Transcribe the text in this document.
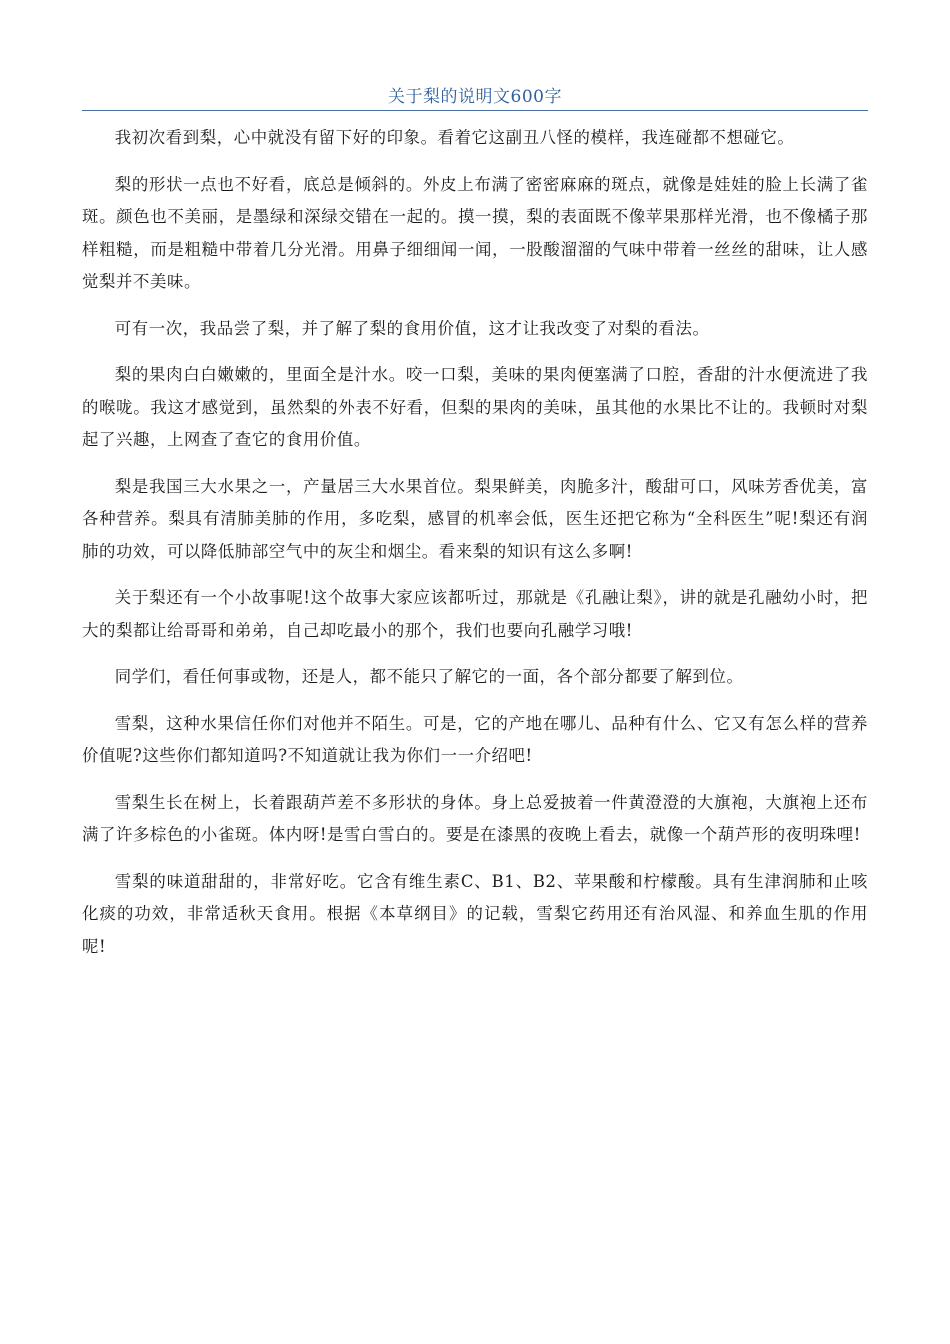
关于梨的说明文600字

我初次看到梨，心中就没有留下好的印象。看着它这副丑八怪的模样，我连碰都不想碰它。

梨的形状一点也不好看，底总是倾斜的。外皮上布满了密密麻麻的斑点，就像是娃娃的脸上长满了雀斑。颜色也不美丽，是墨绿和深绿交错在一起的。摸一摸，梨的表面既不像苹果那样光滑，也不像橘子那样粗糙，而是粗糙中带着几分光滑。用鼻子细细闻一闻，一股酸溜溜的气味中带着一丝丝的甜味，让人感觉梨并不美味。

可有一次，我品尝了梨，并了解了梨的食用价值，这才让我改变了对梨的看法。

梨的果肉白白嫩嫩的，里面全是汁水。咬一口梨，美味的果肉便塞满了口腔，香甜的汁水便流进了我的喉咙。我这才感觉到，虽然梨的外表不好看，但梨的果肉的美味，虽其他的水果比不让的。我顿时对梨起了兴趣，上网查了查它的食用价值。

梨是我国三大水果之一，产量居三大水果首位。梨果鲜美，肉脆多汁，酸甜可口，风味芳香优美，富各种营养。梨具有清肺美肺的作用，多吃梨，感冒的机率会低，医生还把它称为“全科医生”呢!梨还有润肺的功效，可以降低肺部空气中的灰尘和烟尘。看来梨的知识有这么多啊!

关于梨还有一个小故事呢!这个故事大家应该都听过，那就是《孔融让梨》，讲的就是孔融幼小时，把大的梨都让给哥哥和弟弟，自己却吃最小的那个，我们也要向孔融学习哦!

同学们，看任何事或物，还是人，都不能只了解它的一面，各个部分都要了解到位。

雪梨，这种水果信任你们对他并不陌生。可是，它的产地在哪儿、品种有什么、它又有怎么样的营养价值呢?这些你们都知道吗?不知道就让我为你们一一介绍吧!

雪梨生长在树上，长着跟葫芦差不多形状的身体。身上总爱披着一件黄澄澄的大旗袍，大旗袍上还布满了许多棕色的小雀斑。体内呀!是雪白雪白的。要是在漆黑的夜晚上看去，就像一个葫芦形的夜明珠哩!

雪梨的味道甜甜的，非常好吃。它含有维生素C、B1、B2、苹果酸和柠檬酸。具有生津润肺和止咳化痰的功效，非常适秋天食用。根据《本草纲目》的记载，雪梨它药用还有治风湿、和养血生肌的作用呢!
